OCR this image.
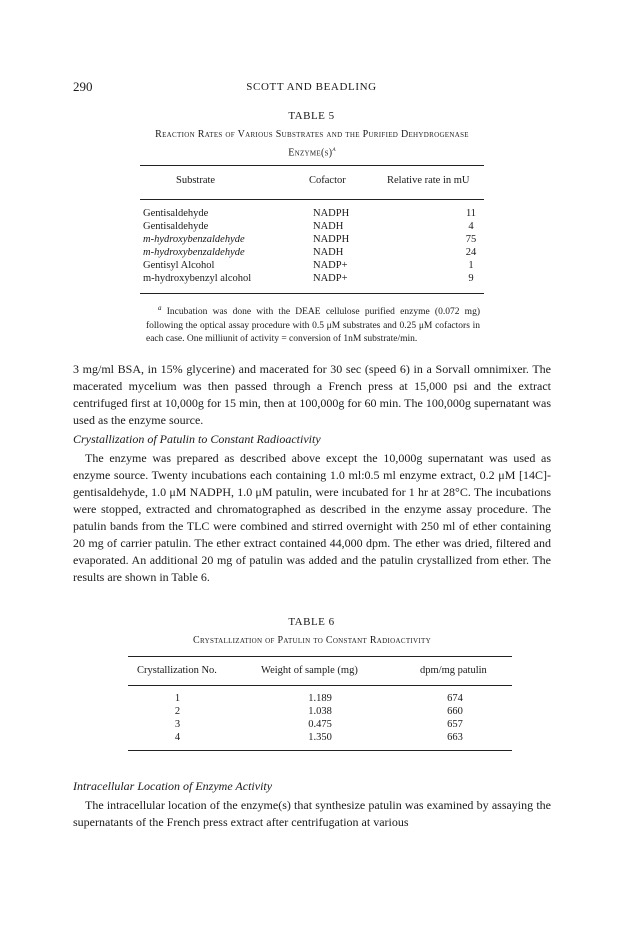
290	SCOTT AND BEADLING
TABLE 5
Reaction Rates of Various Substrates and the Purified Dehydrogenase $Enzyme(s)^a$
Substrate	Cofactor	Relative rate in mU
Gentisaldehyde	NADPH	11
Gentisaldehyde	NADH	4
m-hydroxybenzaldehyde	NADPH	75
m-hydroxybenzaldehyde	NADH	24
Gentisyl Alcohol	NADP+	1
m-hydroxybenzyl alcohol	NADP+	9

$^a$ Incubation was done with the DEAE cellulose purified enzyme (0.072 mg) following the optical assay procedure with 0.5 μM substrates and 0.25 μM cofactors in each case. One milliunit of activity = conversion of 1nM substrate/min.

3 mg/ml BSA, in 15% glycerine) and macerated for 30 sec (speed 6) in a Sorvall omnimixer. The macerated mycelium was then passed through a French press at 15,000 psi and the extract centrifuged first at 10,000g for 15 min, then at 100,000g for 60 min. The 100,000g supernatant was used as the enzyme source.

Crystallization of Patulin to Constant Radioactivity

The enzyme was prepared as described above except the 10,000g supernatant was used as enzyme source. Twenty incubations each containing 1.0 ml:0.5 ml enzyme extract, 0.2 μM [14C]-gentisaldehyde, 1.0 μM NADPH, 1.0 μM patulin, were incubated for 1 hr at 28°C. The incubations were stopped, extracted and chromatographed as described in the enzyme assay procedure. The patulin bands from the TLC were combined and stirred overnight with 250 ml of ether containing 20 mg of carrier patulin. The ether extract contained 44,000 dpm. The ether was dried, filtered and evaporated. An additional 20 mg of patulin was added and the patulin crystallized from ether. The results are shown in Table 6.

TABLE 6
Crystallization of Patulin to Constant Radioactivity
Crystallization No.	Weight of sample (mg)	dpm/mg patulin
1	1.189	674
2	1.038	660
3	0.475	657
4	1.350	663
Intracellular Location of Enzyme Activity

The intracellular location of the enzyme(s) that synthesize patulin was examined by assaying the supernatants of the French press extract after centrifugation at various
